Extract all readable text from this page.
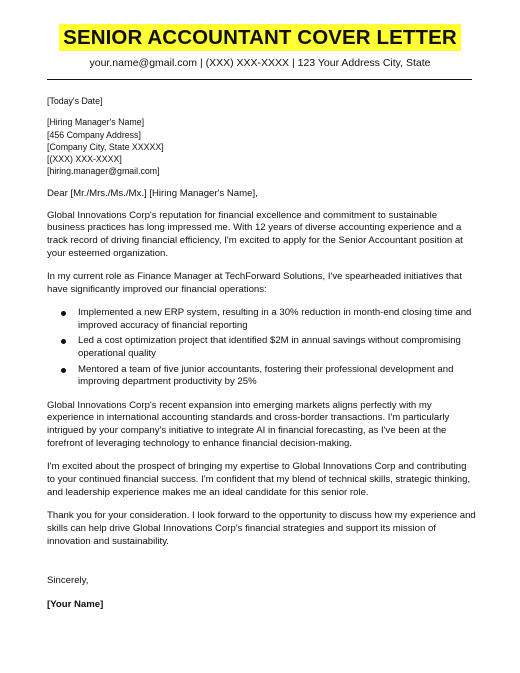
SENIOR ACCOUNTANT COVER LETTER
your.name@gmail.com | (XXX) XXX-XXXX | 123 Your Address City, State
[Today's Date]
[Hiring Manager's Name]
[456 Company Address]
[Company City, State XXXXX]
[(XXX) XXX-XXXX]
[hiring.manager@gmail.com]
Dear [Mr./Mrs./Ms./Mx.] [Hiring Manager's Name],

Global Innovations Corp's reputation for financial excellence and commitment to sustainable business practices has long impressed me. With 12 years of diverse accounting experience and a track record of driving financial efficiency, I'm excited to apply for the Senior Accountant position at your esteemed organization.

In my current role as Finance Manager at TechForward Solutions, I've spearheaded initiatives that have significantly improved our financial operations:

Implemented a new ERP system, resulting in a 30% reduction in month-end closing time and improved accuracy of financial reporting
Led a cost optimization project that identified $2M in annual savings without compromising operational quality
Mentored a team of five junior accountants, fostering their professional development and improving department productivity by 25%

Global Innovations Corp's recent expansion into emerging markets aligns perfectly with my experience in international accounting standards and cross-border transactions. I'm particularly intrigued by your company's initiative to integrate AI in financial forecasting, as I've been at the forefront of leveraging technology to enhance financial decision-making.

I'm excited about the prospect of bringing my expertise to Global Innovations Corp and contributing to your continued financial success. I'm confident that my blend of technical skills, strategic thinking, and leadership experience makes me an ideal candidate for this senior role.

Thank you for your consideration. I look forward to the opportunity to discuss how my experience and skills can help drive Global Innovations Corp's financial strategies and support its mission of innovation and sustainability.

Sincerely,
[Your Name]
